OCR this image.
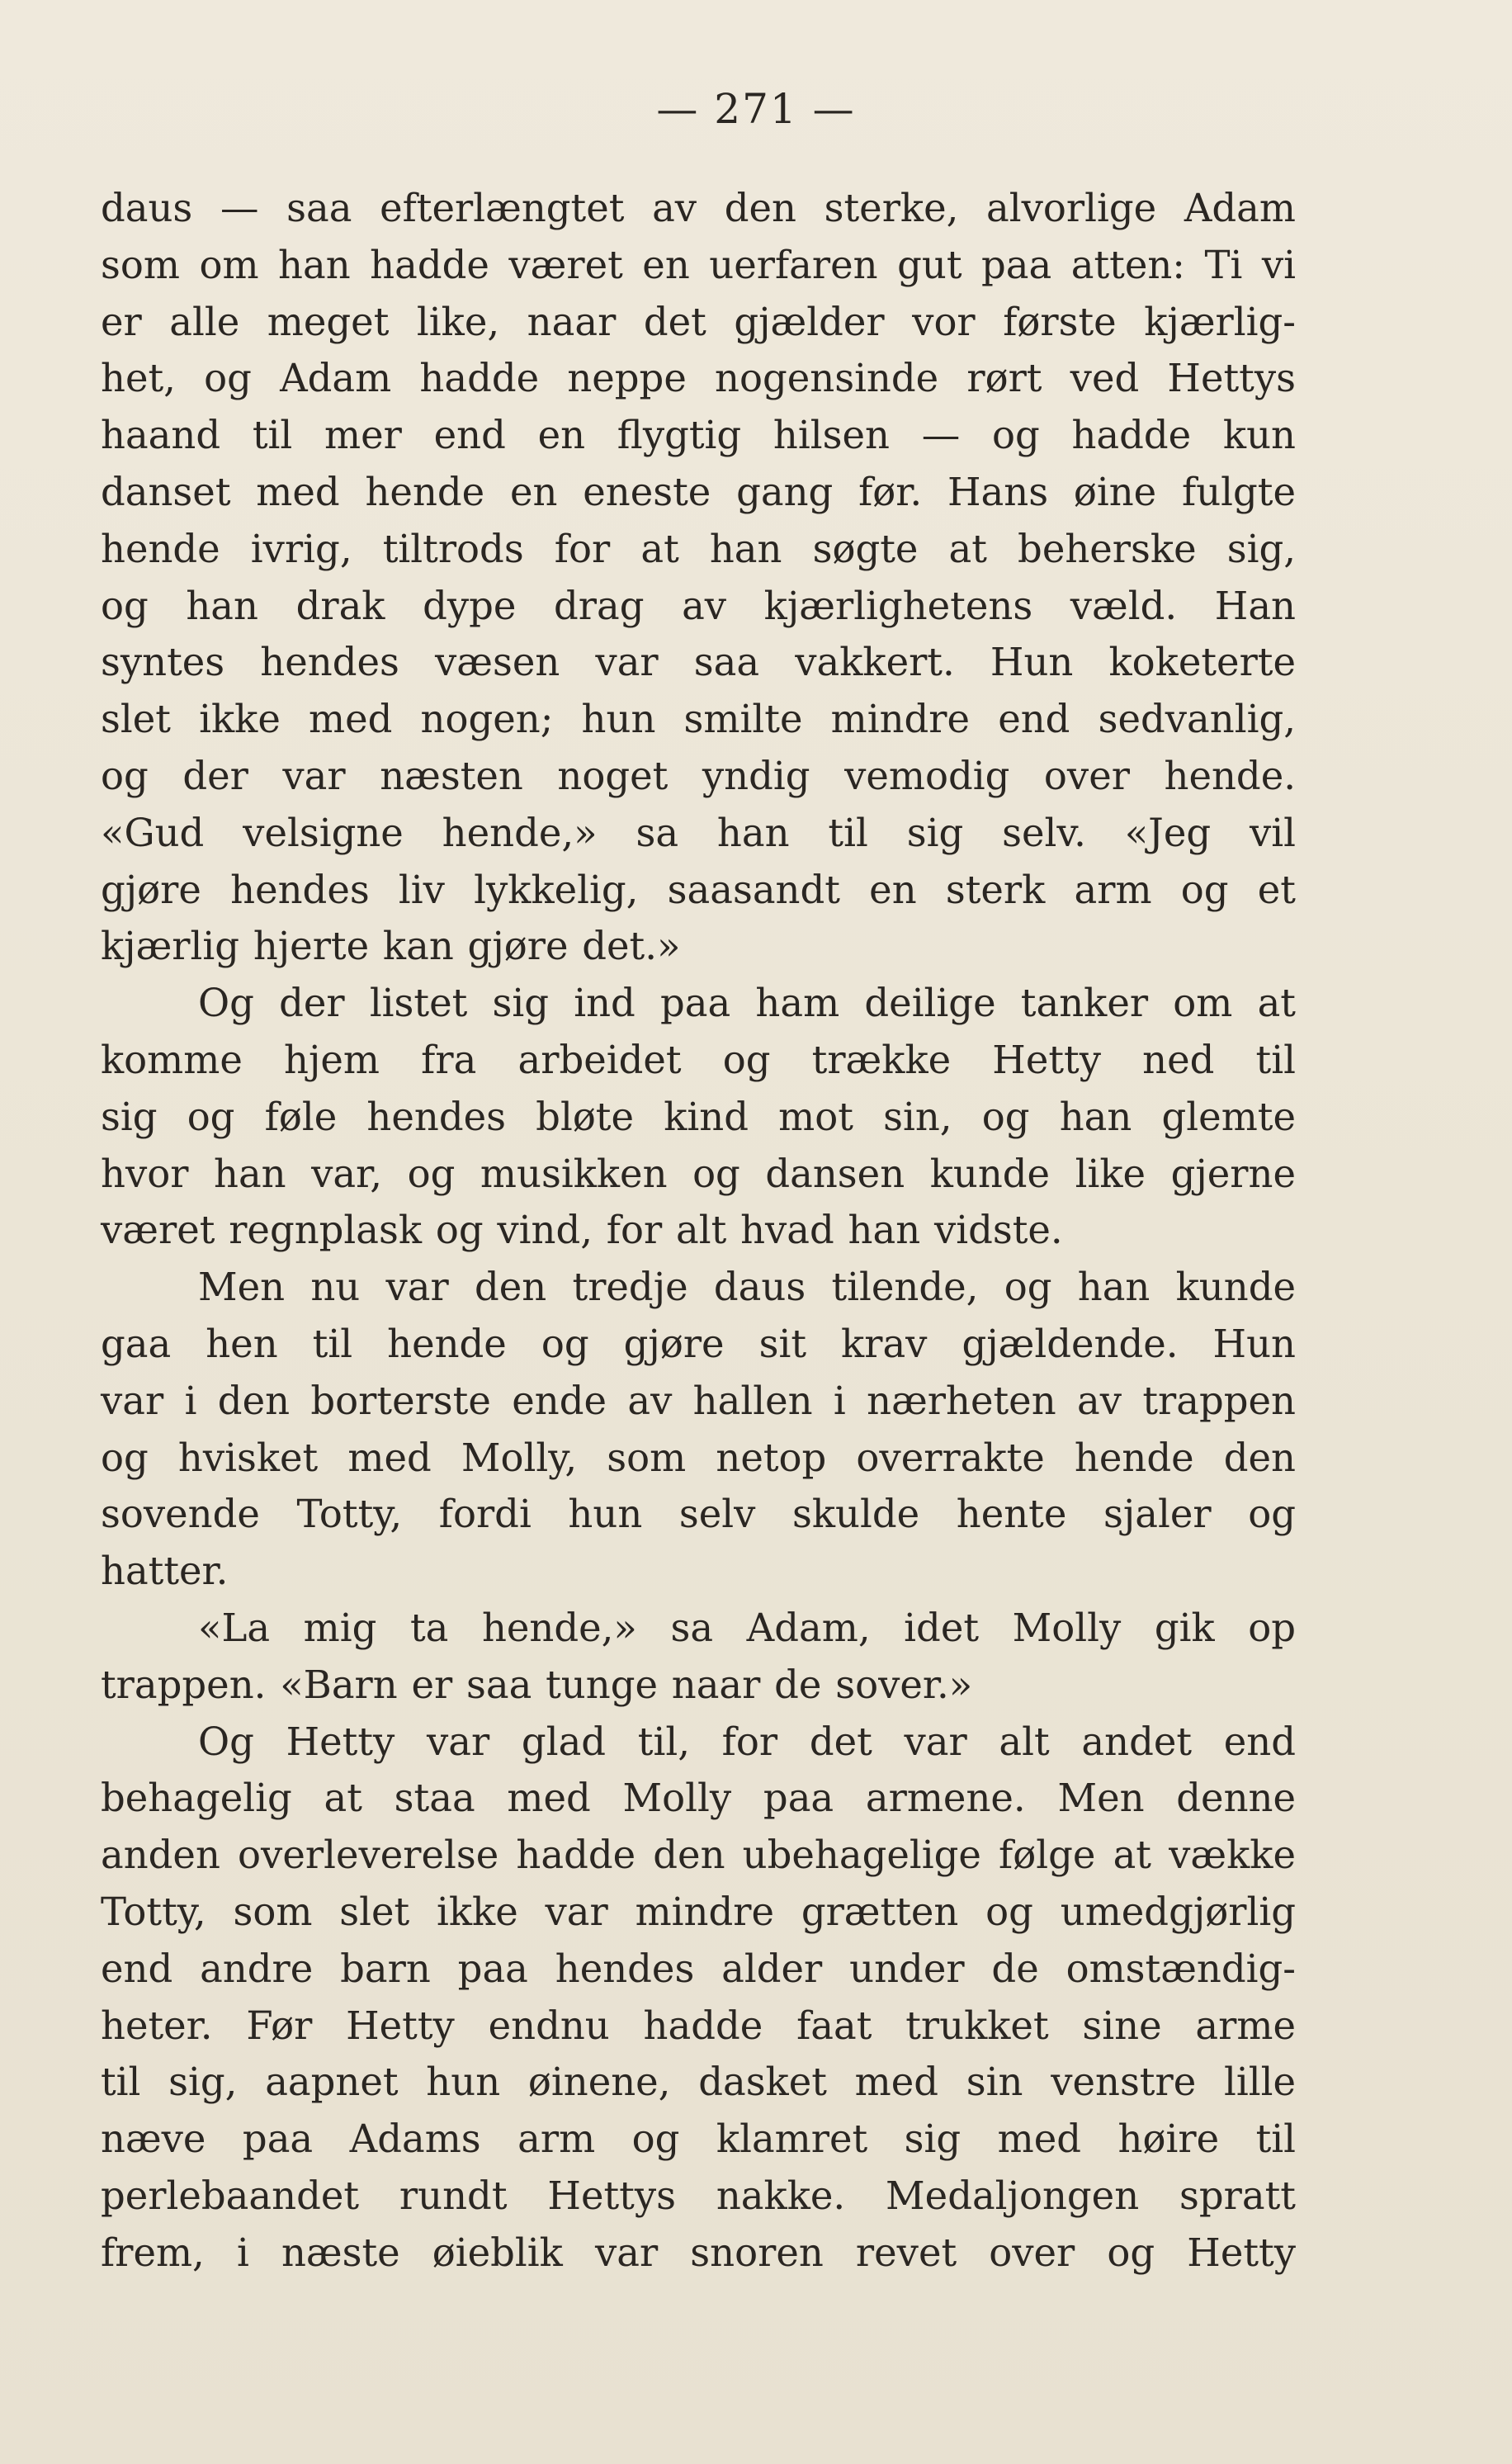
— 271 —
daus — saa efterlængtet av den sterke, alvorlige Adam
som om han hadde været en uerfaren gut paa atten: Ti vi
er alle meget like, naar det gjælder vor første kjærlig-
het, og Adam hadde neppe nogensinde rørt ved Hettys
haand til mer end en flygtig hilsen — og hadde kun
danset med hende en eneste gang før. Hans øine fulgte
hende ivrig, tiltrods for at han søgte at beherske sig,
og han drak dype drag av kjærlighetens væld. Han
syntes hendes væsen var saa vakkert. Hun koketerte
slet ikke med nogen; hun smilte mindre end sedvanlig,
og der var næsten noget yndig vemodig over hende.
«Gud velsigne hende,» sa han til sig selv. «Jeg vil
gjøre hendes liv lykkelig, saasandt en sterk arm og et
kjærlig hjerte kan gjøre det.»
Og der listet sig ind paa ham deilige tanker om at
komme hjem fra arbeidet og trække Hetty ned til
sig og føle hendes bløte kind mot sin, og han glemte
hvor han var, og musikken og dansen kunde like gjerne
været regnplask og vind, for alt hvad han vidste.
Men nu var den tredje daus tilende, og han kunde
gaa hen til hende og gjøre sit krav gjældende. Hun
var i den borterste ende av hallen i nærheten av trappen
og hvisket med Molly, som netop overrakte hende den
sovende Totty, fordi hun selv skulde hente sjaler og
hatter.
«La mig ta hende,» sa Adam, idet Molly gik op
trappen. «Barn er saa tunge naar de sover.»
Og Hetty var glad til, for det var alt andet end
behagelig at staa med Molly paa armene. Men denne
anden overleverelse hadde den ubehagelige følge at vække
Totty, som slet ikke var mindre grætten og umedgjørlig
end andre barn paa hendes alder under de omstændig-
heter. Før Hetty endnu hadde faat trukket sine arme
til sig, aapnet hun øinene, dasket med sin venstre lille
næve paa Adams arm og klamret sig med høire til
perlebaandet rundt Hettys nakke. Medaljongen spratt
frem, i næste øieblik var snoren revet over og Hetty
